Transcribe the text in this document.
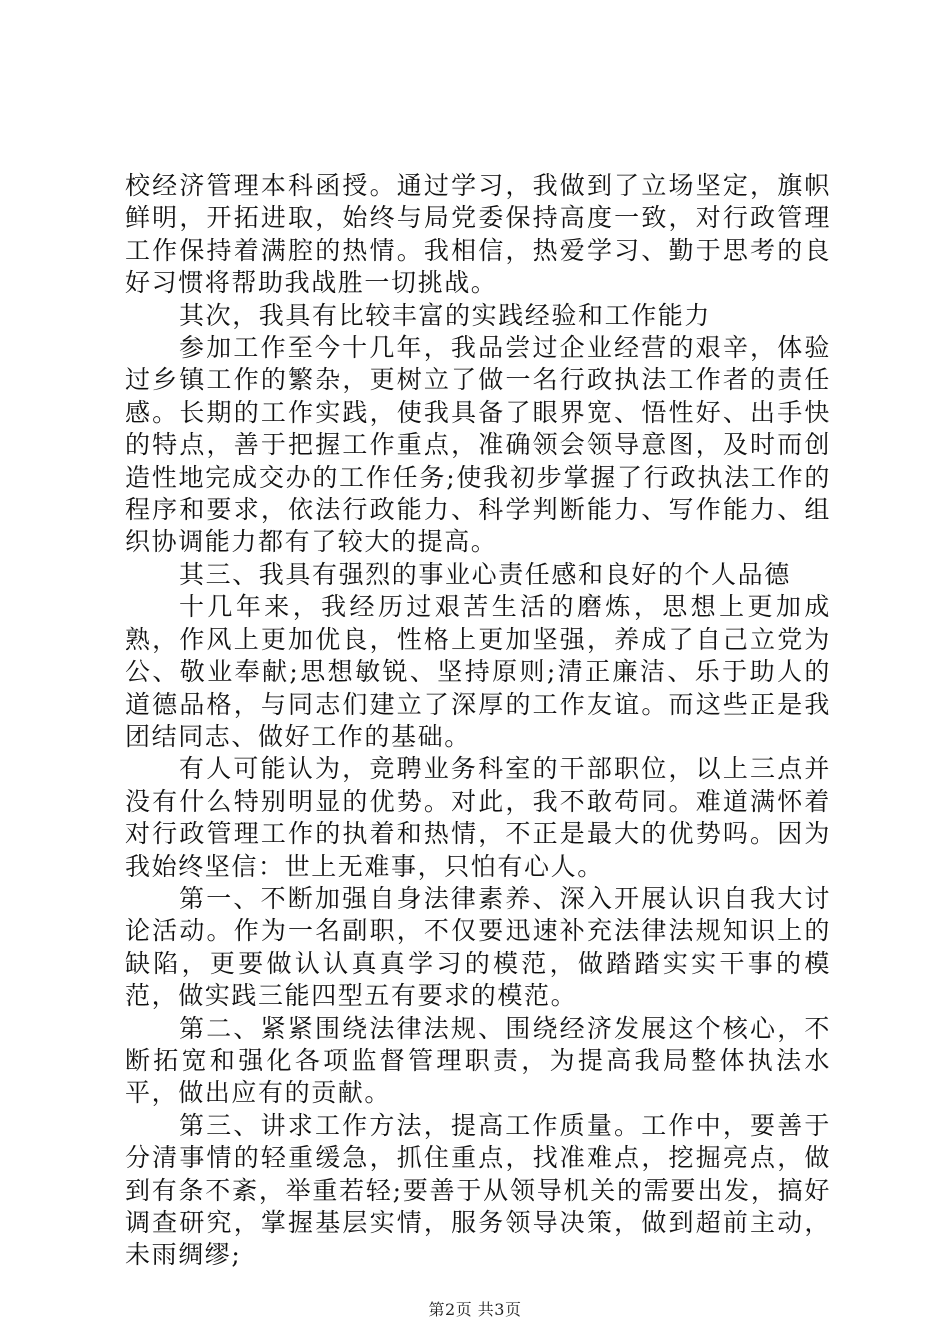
校经济管理本科函授。通过学习，我做到了立场坚定，旗帜鲜明，开拓进取，始终与局党委保持高度一致，对行政管理工作保持着满腔的热情。我相信，热爱学习、勤于思考的良好习惯将帮助我战胜一切挑战。

其次，我具有比较丰富的实践经验和工作能力

参加工作至今十几年，我品尝过企业经营的艰辛，体验过乡镇工作的繁杂，更树立了做一名行政执法工作者的责任感。长期的工作实践，使我具备了眼界宽、悟性好、出手快的特点，善于把握工作重点，准确领会领导意图，及时而创造性地完成交办的工作任务;使我初步掌握了行政执法工作的程序和要求，依法行政能力、科学判断能力、写作能力、组织协调能力都有了较大的提高。

其三、我具有强烈的事业心责任感和良好的个人品德

十几年来，我经历过艰苦生活的磨炼，思想上更加成熟，作风上更加优良，性格上更加坚强，养成了自己立党为公、敬业奉献;思想敏锐、坚持原则;清正廉洁、乐于助人的道德品格，与同志们建立了深厚的工作友谊。而这些正是我团结同志、做好工作的基础。

有人可能认为，竞聘业务科室的干部职位，以上三点并没有什么特别明显的优势。对此，我不敢苟同。难道满怀着对行政管理工作的执着和热情，不正是最大的优势吗。因为我始终坚信：世上无难事，只怕有心人。

第一、不断加强自身法律素养、深入开展认识自我大讨论活动。作为一名副职，不仅要迅速补充法律法规知识上的缺陷，更要做认认真真学习的模范，做踏踏实实干事的模范，做实践三能四型五有要求的模范。

第二、紧紧围绕法律法规、围绕经济发展这个核心，不断拓宽和强化各项监督管理职责，为提高我局整体执法水平，做出应有的贡献。

第三、讲求工作方法，提高工作质量。工作中，要善于分清事情的轻重缓急，抓住重点，找准难点，挖掘亮点，做到有条不紊，举重若轻;要善于从领导机关的需要出发，搞好调查研究，掌握基层实情，服务领导决策，做到超前主动，未雨绸缪;

第2页 共3页
